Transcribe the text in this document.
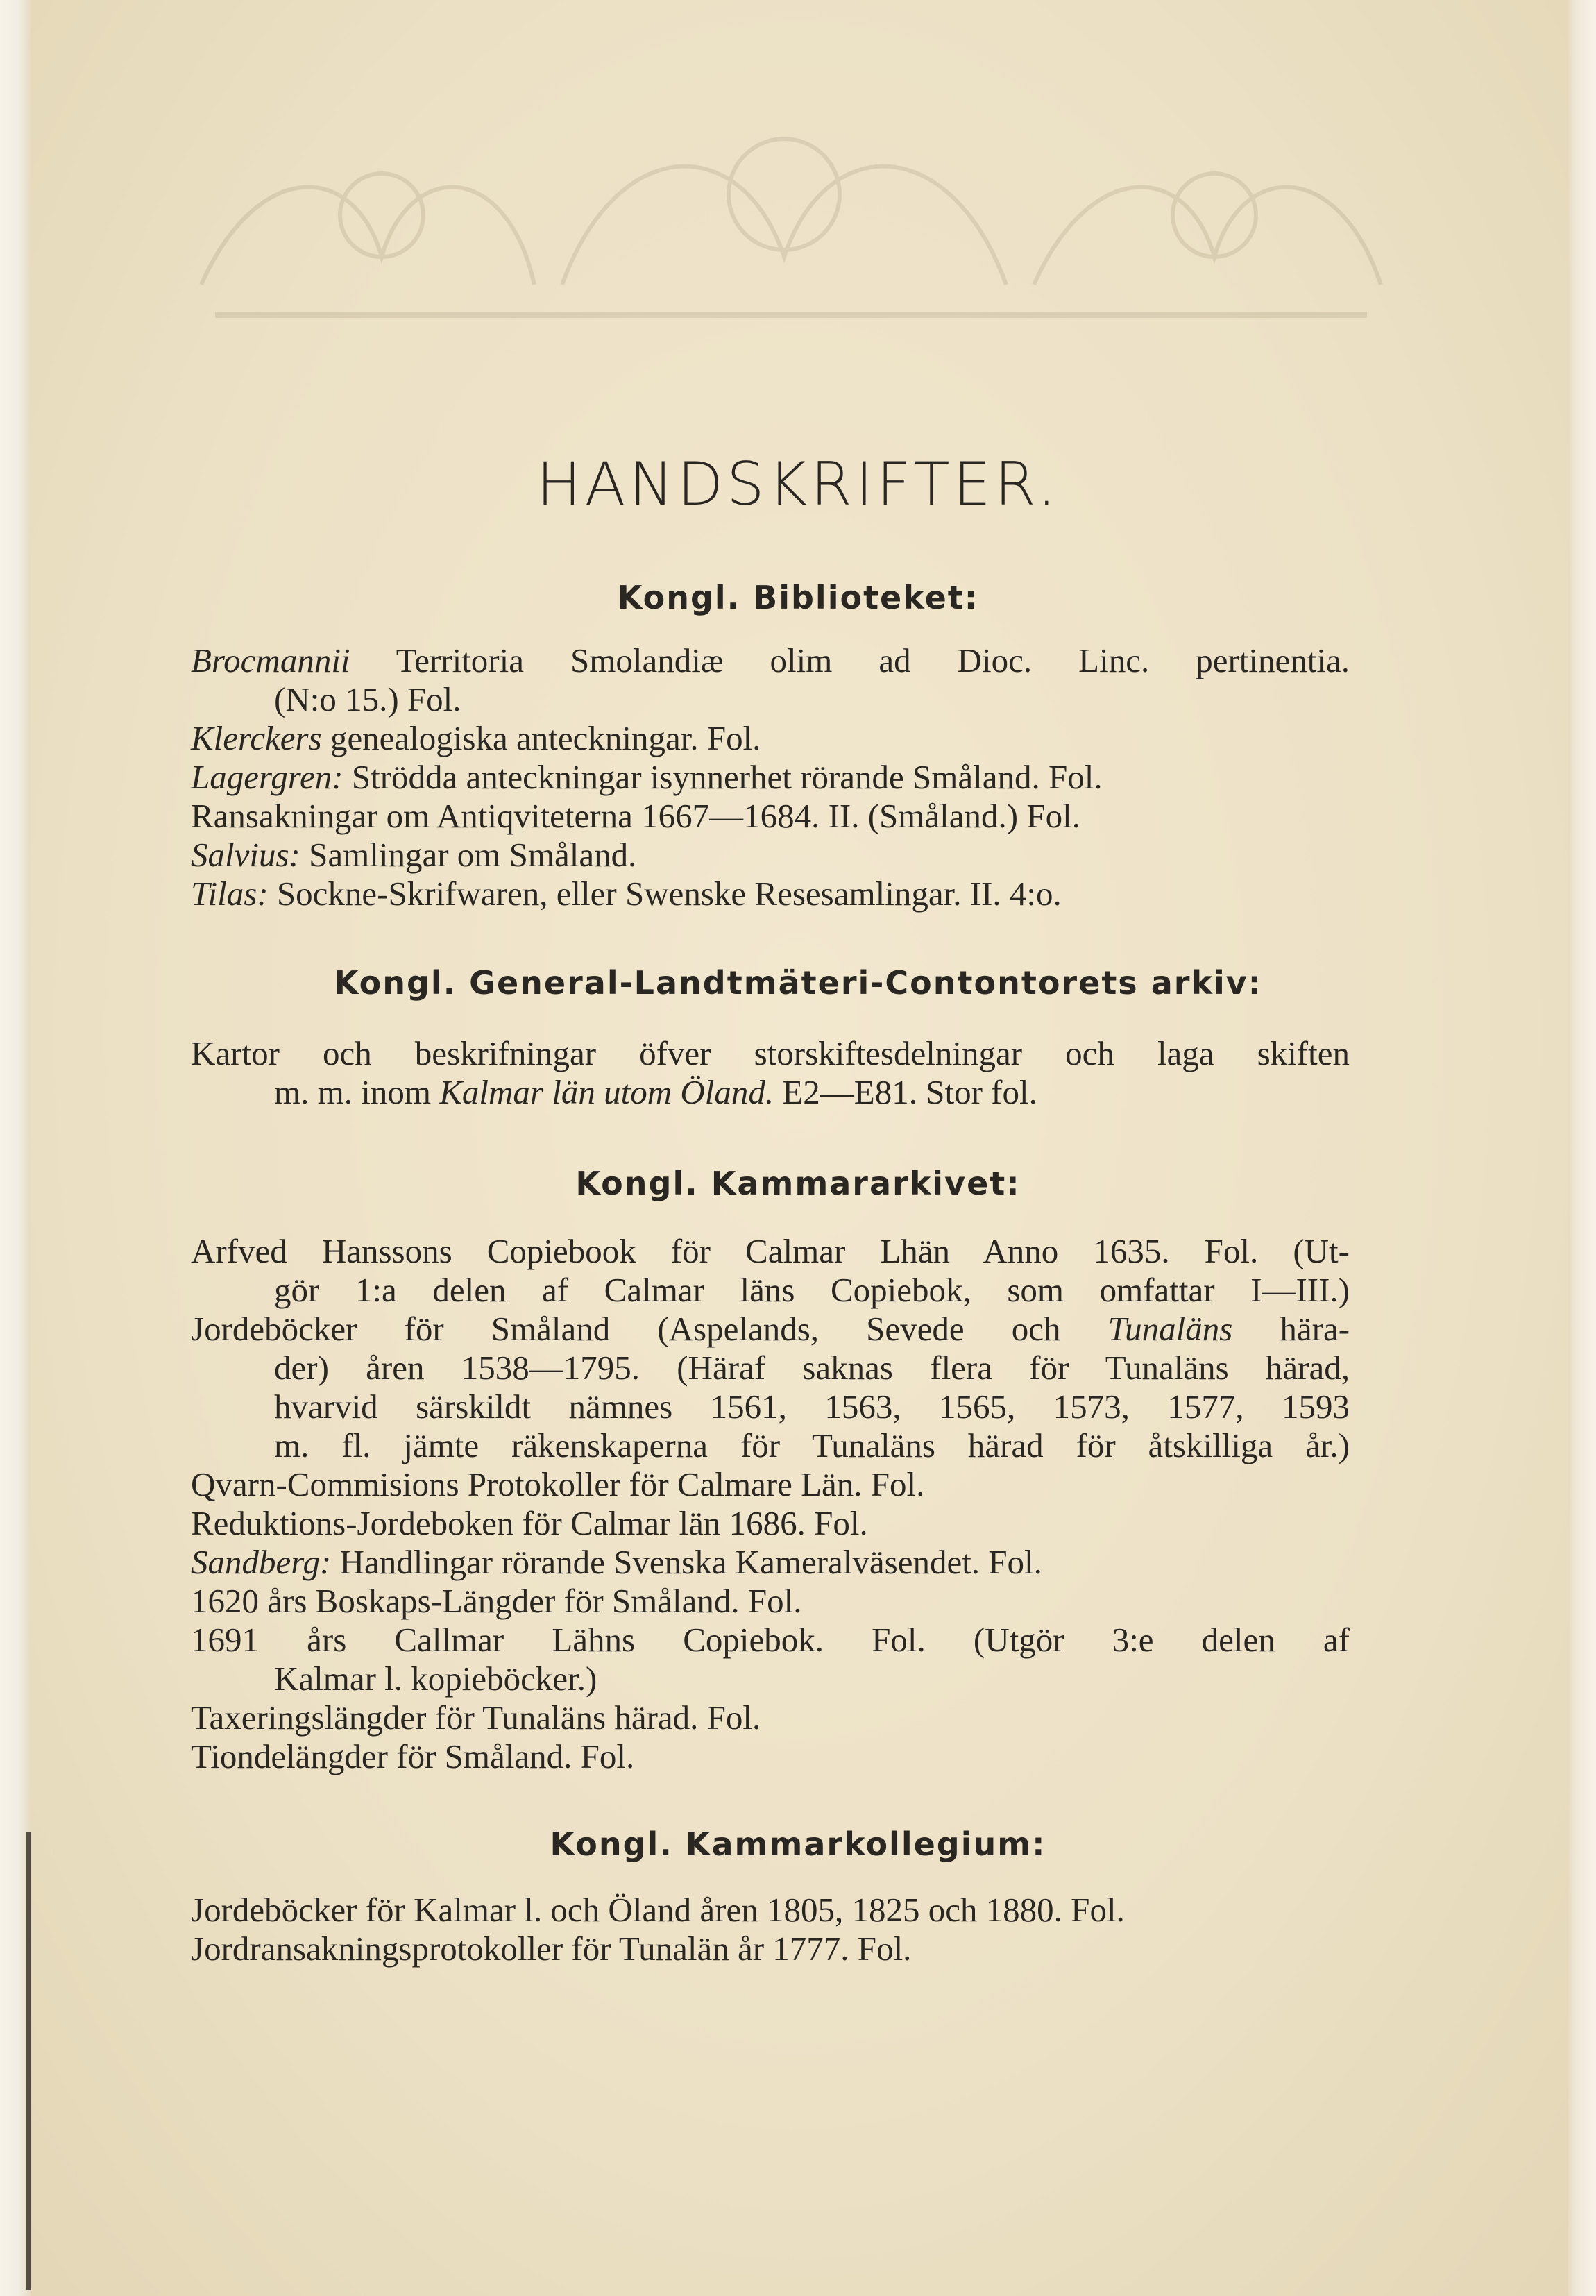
HANDSKRIFTER.
Kongl. Biblioteket:
Brocmannii Territoria Smolandiæ olim ad Dioc. Linc. pertinentia.
(N:o 15.) Fol.
Klerckers genealogiska anteckningar. Fol.
Lagergren: Strödda anteckningar isynnerhet rörande Småland. Fol.
Ransakningar om Antiqviteterna 1667—1684. II. (Småland.) Fol.
Salvius: Samlingar om Småland.
Tilas: Sockne-Skrifwaren, eller Swenske Resesamlingar. II. 4:o.
Kongl. General-Landtmäteri-Contontorets arkiv:
Kartor och beskrifningar öfver storskiftesdelningar och laga skiften
m. m. inom Kalmar län utom Öland. E2—E81. Stor fol.
Kongl. Kammararkivet:
Arfved Hanssons Copiebook för Calmar Lhän Anno 1635. Fol. (Ut-
gör 1:a delen af Calmar läns Copiebok, som omfattar I—III.)
Jordeböcker för Småland (Aspelands, Sevede och Tunaläns hära-
der) åren 1538—1795. (Häraf saknas flera för Tunaläns härad,
hvarvid särskildt nämnes 1561, 1563, 1565, 1573, 1577, 1593
m. fl. jämte räkenskaperna för Tunaläns härad för åtskilliga år.)
Qvarn-Commisions Protokoller för Calmare Län. Fol.
Reduktions-Jordeboken för Calmar län 1686. Fol.
Sandberg: Handlingar rörande Svenska Kameralväsendet. Fol.
1620 års Boskaps-Längder för Småland. Fol.
1691 års Callmar Lähns Copiebok. Fol. (Utgör 3:e delen af
Kalmar l. kopieböcker.)
Taxeringslängder för Tunaläns härad. Fol.
Tiondelängder för Småland. Fol.
Kongl. Kammarkollegium:
Jordeböcker för Kalmar l. och Öland åren 1805, 1825 och 1880. Fol.
Jordransakningsprotokoller för Tunalän år 1777. Fol.
